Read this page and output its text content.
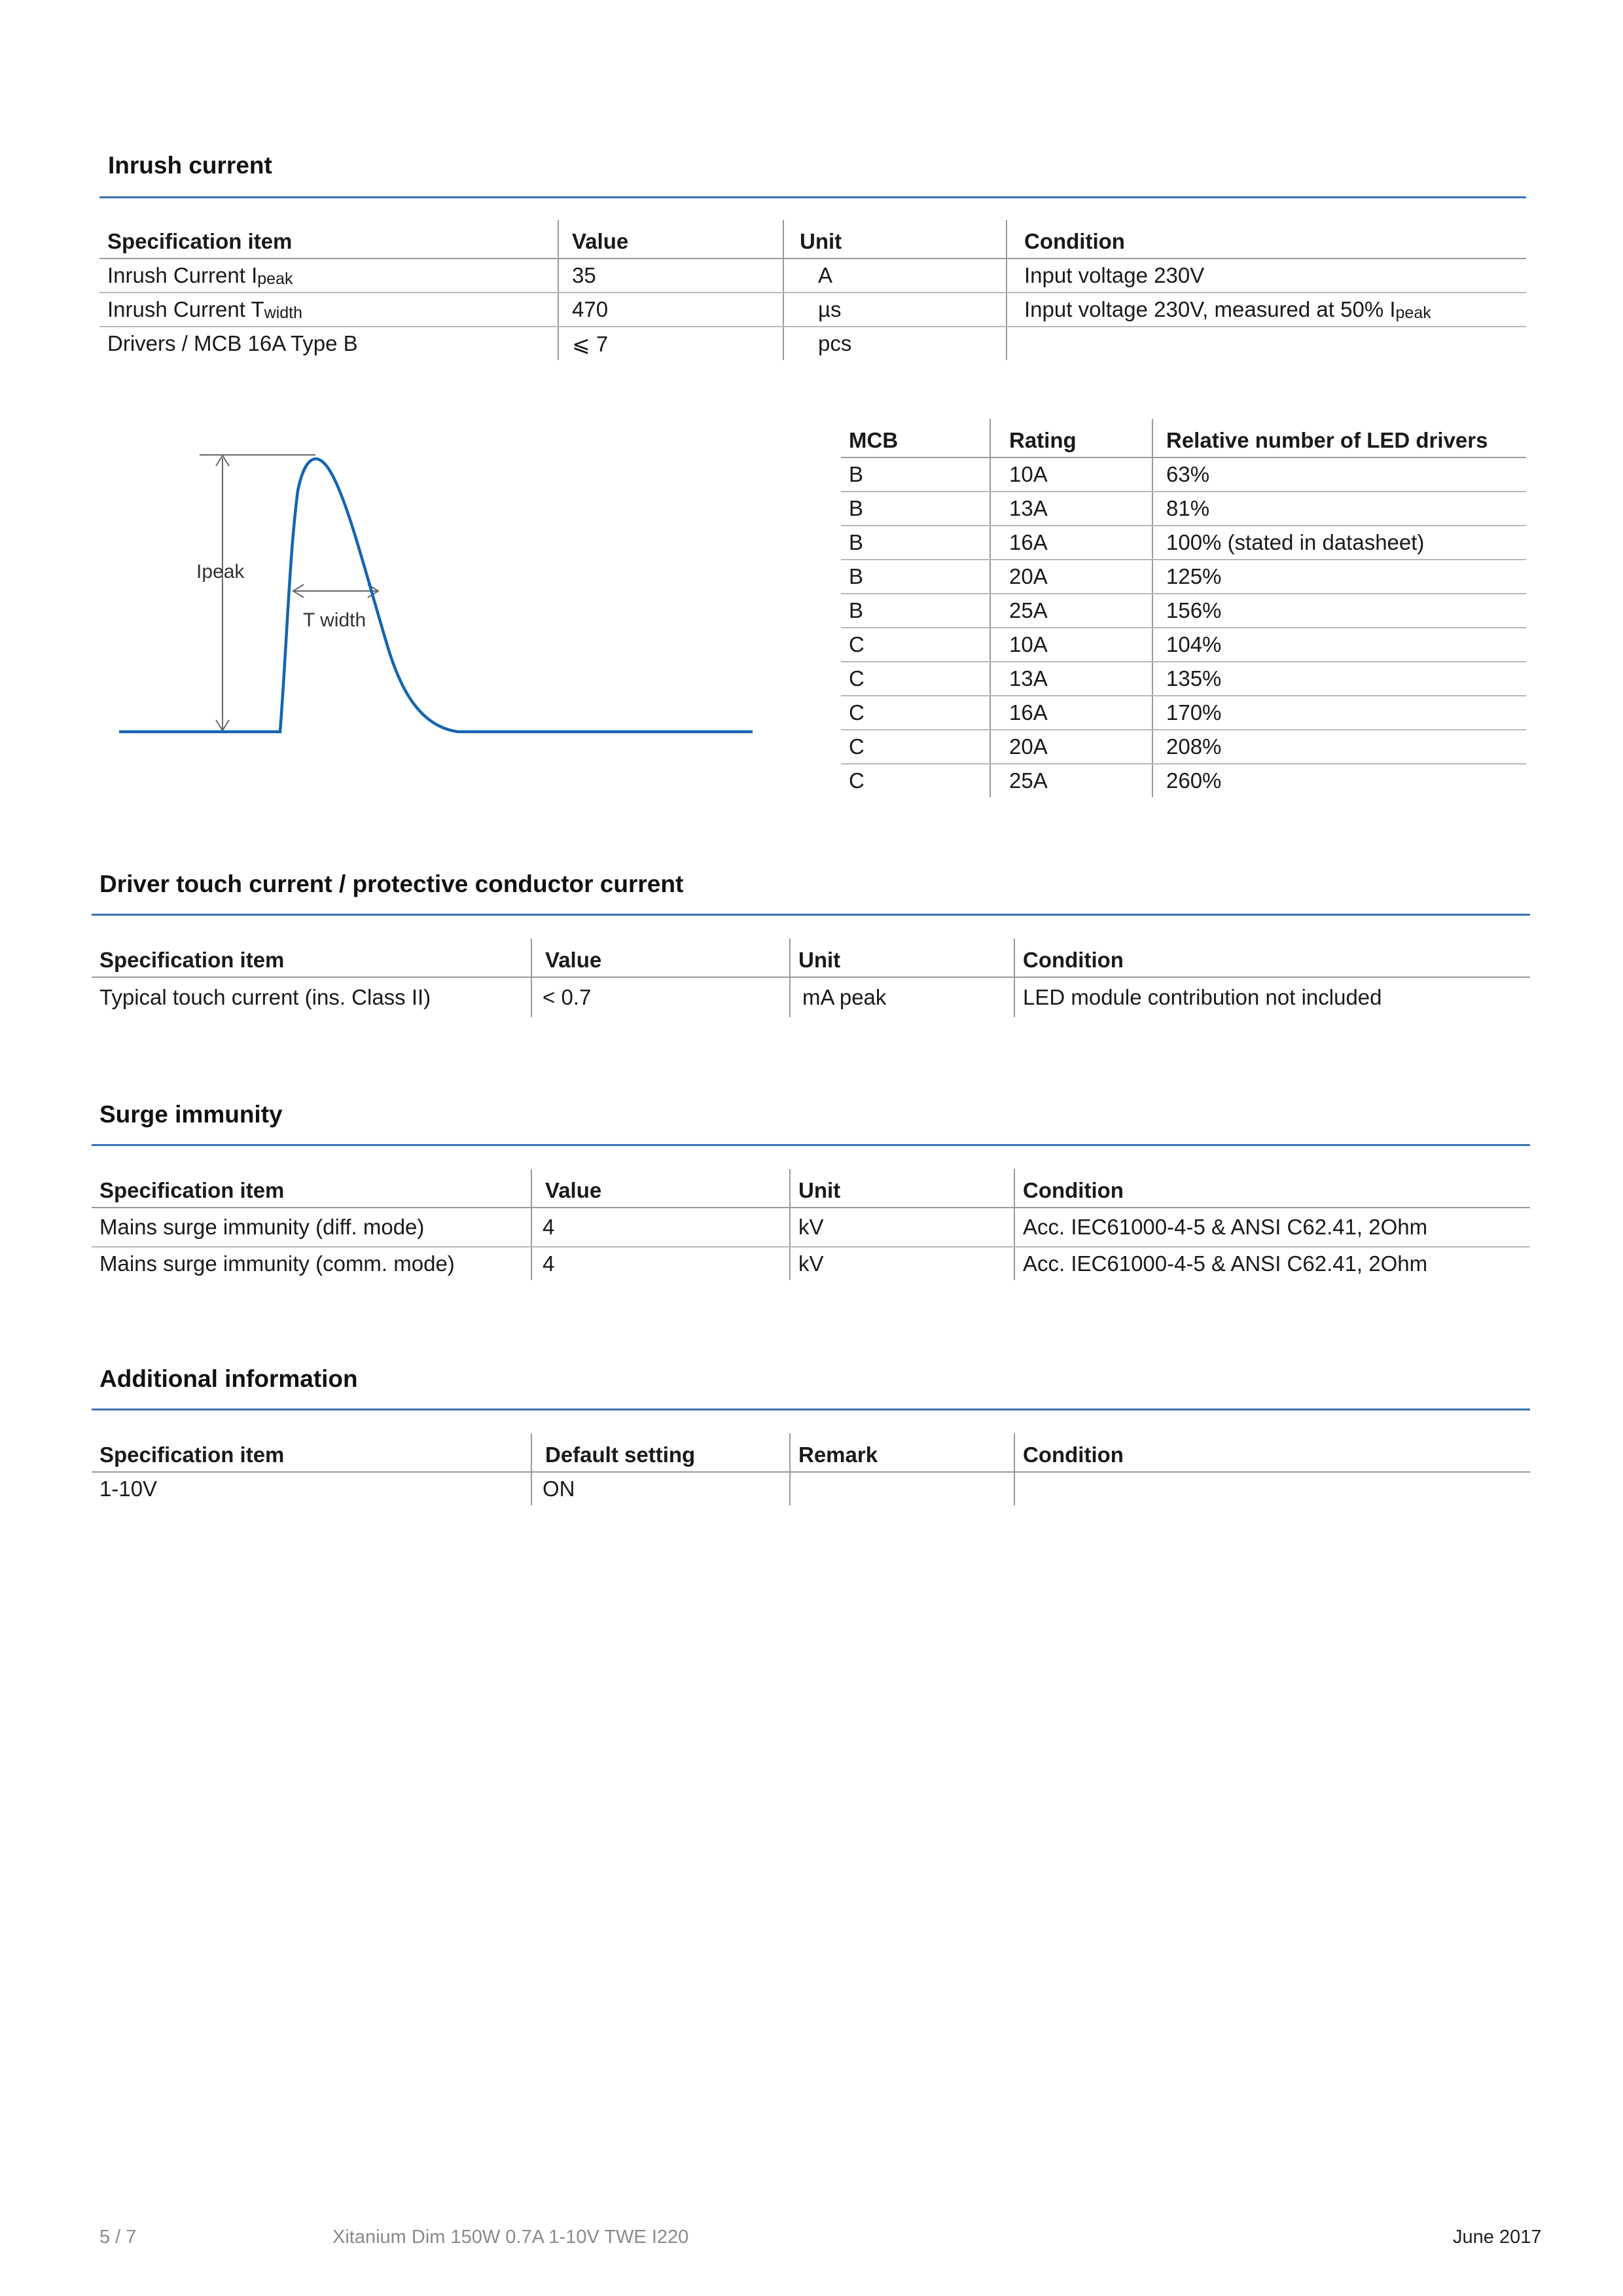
Inrush current
Specification item	Value	Unit	Condition
Inrush Current $I_{peak}$	35	A	Input voltage 230V
Inrush Current $T_{width}$	470	µs	Input voltage 230V, measured at 50% $I_{peak}$
Drivers / MCB 16A Type B	⩽ 7	pcs	
Ipeak
T width
MCB	Rating	Relative number of LED drivers
B	10A	63%
B	13A	81%
B	16A	100% (stated in datasheet)
B	20A	125%
B	25A	156%
C	10A	104%
C	13A	135%
C	16A	170%
C	20A	208%
C	25A	260%
Driver touch current / protective conductor current
Specification item	Value	Unit	Condition
Typical touch current (ins. Class II)	< 0.7	mA peak	LED module contribution not included
Surge immunity
Specification item	Value	Unit	Condition
Mains surge immunity (diff. mode)	4	kV	Acc. IEC61000-4-5 & ANSI C62.41, 2Ohm
Mains surge immunity (comm. mode)	4	kV	Acc. IEC61000-4-5 & ANSI C62.41, 2Ohm
Additional information
Specification item	Default setting	Remark	Condition
1-10V	ON		
5 / 7	Xitanium Dim 150W 0.7A 1-10V TWE I220	June 2017
